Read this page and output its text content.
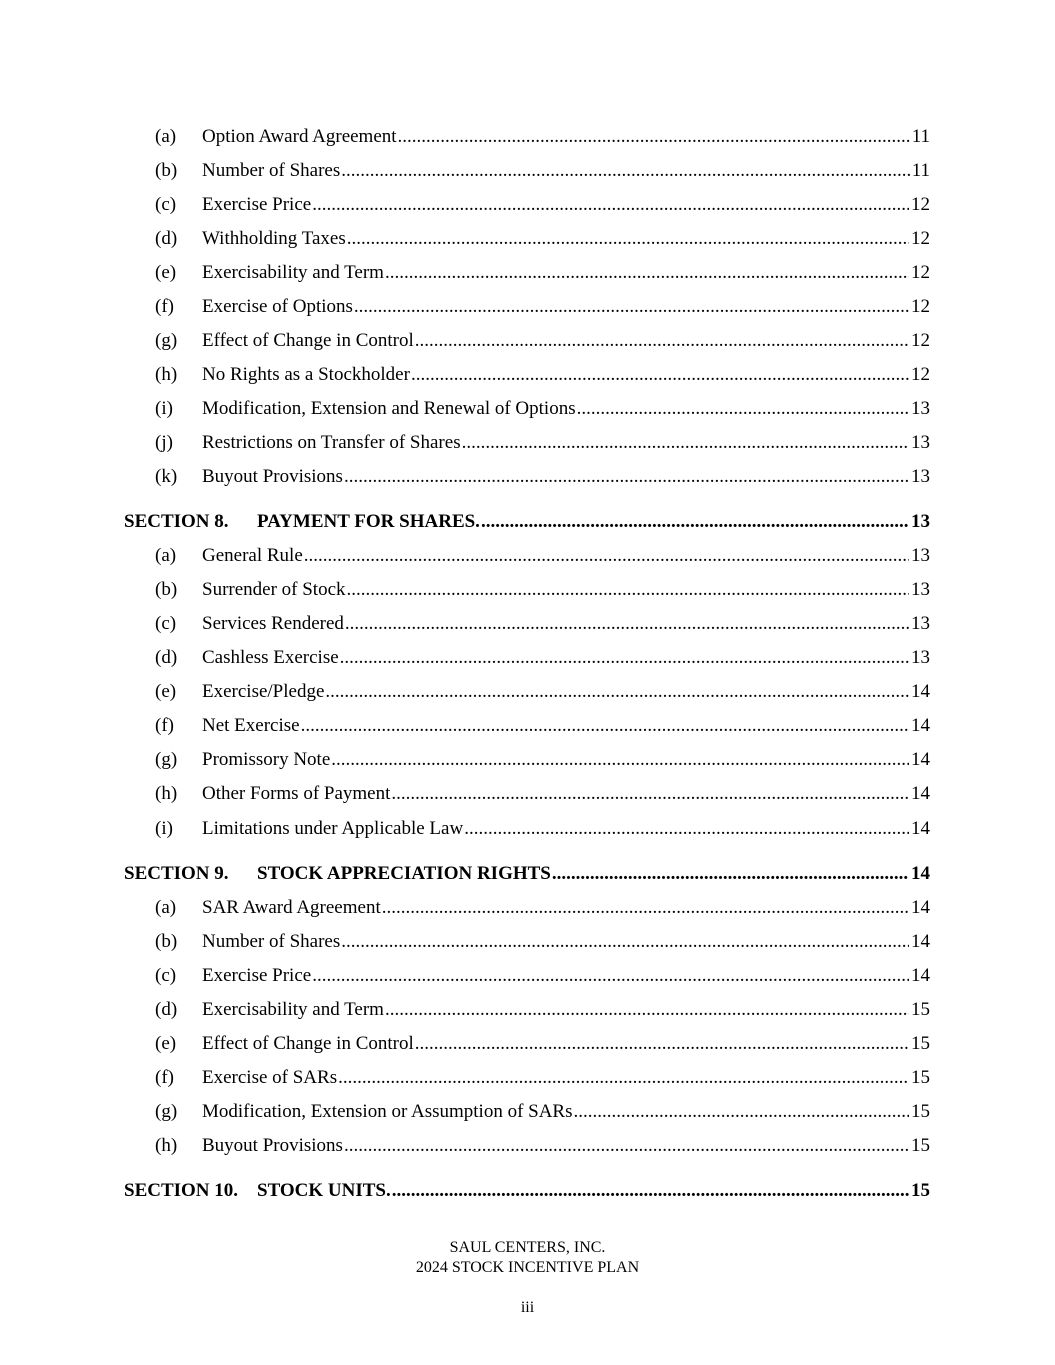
(a) Option Award Agreement .....	11
(b) Number of Shares .....	11
(c) Exercise Price .....	12
(d) Withholding Taxes .....	12
(e) Exercisability and Term .....	12
(f) Exercise of Options .....	12
(g) Effect of Change in Control .....	12
(h) No Rights as a Stockholder .....	12
(i) Modification, Extension and Renewal of Options .....	13
(j) Restrictions on Transfer of Shares .....	13
(k) Buyout Provisions .....	13
SECTION 8.	PAYMENT FOR SHARES. .....	13
(a) General Rule .....	13
(b) Surrender of Stock .....	13
(c) Services Rendered .....	13
(d) Cashless Exercise .....	13
(e) Exercise/Pledge .....	14
(f) Net Exercise .....	14
(g) Promissory Note .....	14
(h) Other Forms of Payment .....	14
(i) Limitations under Applicable Law .....	14
SECTION 9.	STOCK APPRECIATION RIGHTS .....	14
(a) SAR Award Agreement .....	14
(b) Number of Shares .....	14
(c) Exercise Price .....	14
(d) Exercisability and Term .....	15
(e) Effect of Change in Control .....	15
(f) Exercise of SARs .....	15
(g) Modification, Extension or Assumption of SARs .....	15
(h) Buyout Provisions .....	15
SECTION 10. STOCK UNITS. .....	15
SAUL CENTERS, INC.
2024 STOCK INCENTIVE PLAN
iii
